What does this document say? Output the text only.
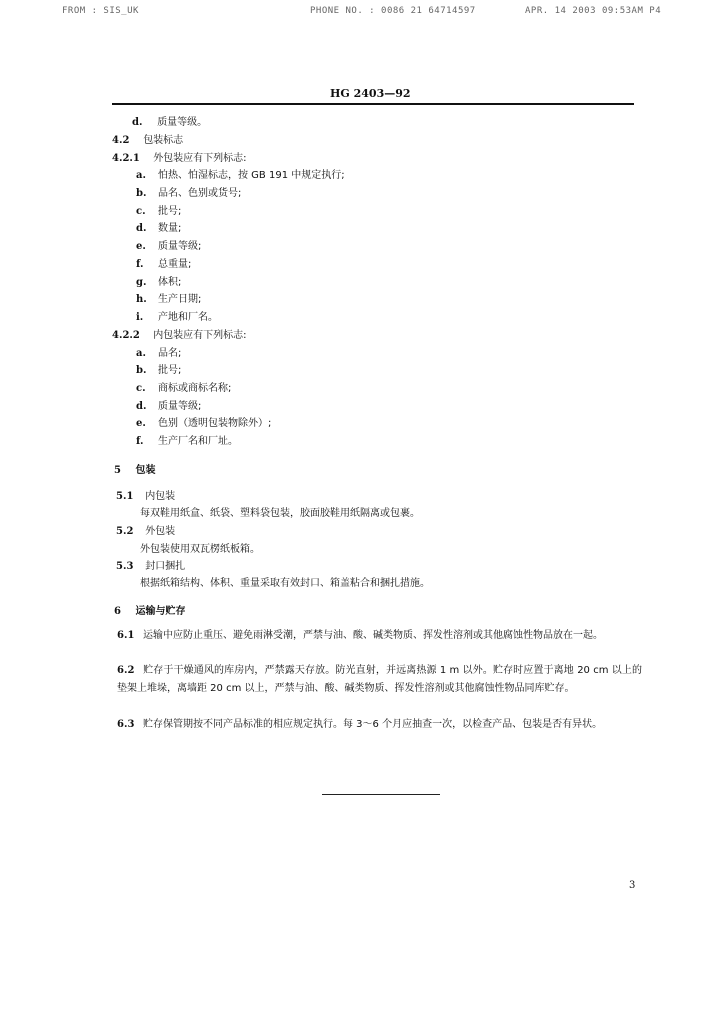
FROM : SIS_UK	PHONE NO. : 0086 21 64714597	APR. 14 2003 09:53AM P4
HG 2403—92
d. 质量等级。
4.2 包装标志
4.2.1 外包装应有下列标志:
a. 怕热、怕湿标志，按 GB 191 中规定执行;
b. 品名、色别或货号;
c. 批号;
d. 数量;
e. 质量等级;
f. 总重量;
g. 体积;
h. 生产日期;
i. 产地和厂名。
4.2.2 内包装应有下列标志:
a. 品名;
b. 批号;
c. 商标或商标名称;
d. 质量等级;
e. 色别（透明包装物除外）;
f. 生产厂名和厂址。
5 包装
5.1 内包装
每双鞋用纸盒、纸袋、塑料袋包装，胶面胶鞋用纸隔离或包裹。
5.2 外包装
外包装使用双瓦楞纸板箱。
5.3 封口捆扎
根据纸箱结构、体积、重量采取有效封口、箱盖粘合和捆扎措施。
6 运输与贮存
6.1 运输中应防止重压、避免雨淋受潮，严禁与油、酸、碱类物质、挥发性溶剂或其他腐蚀性物品放在一起。
6.2 贮存于干燥通风的库房内，严禁露天存放。防光直射，并远离热源 1 m 以外。贮存时应置于离地 20 cm 以上的垫架上堆垛，离墙距 20 cm 以上，严禁与油、酸、碱类物质、挥发性溶剂或其他腐蚀性物品同库贮存。
6.3 贮存保管期按不同产品标准的相应规定执行。每 3～6 个月应抽查一次，以检查产品、包装是否有异状。
3
